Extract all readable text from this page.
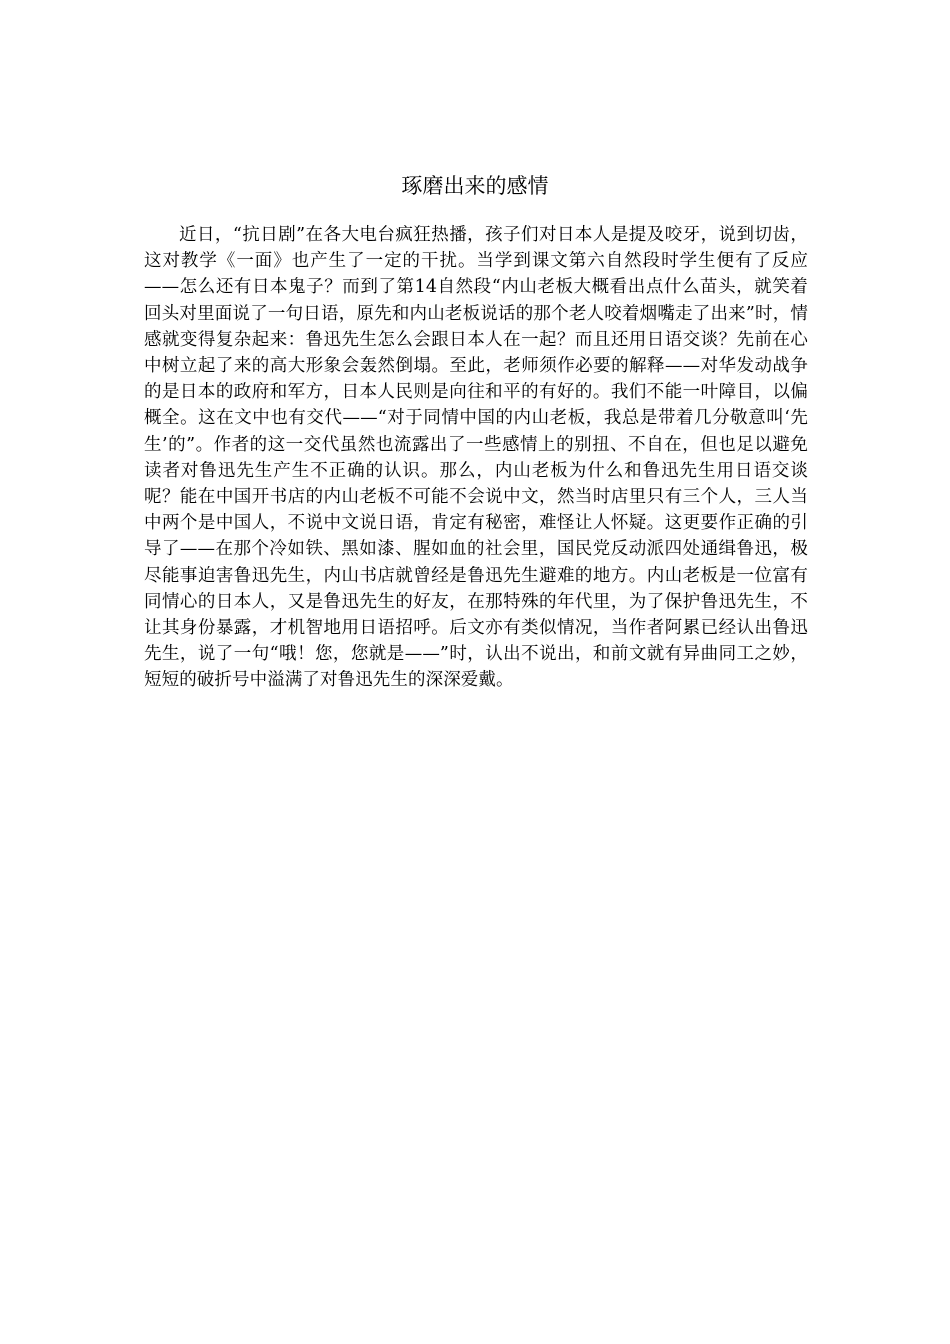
琢磨出来的感情

近日，“抗日剧”在各大电台疯狂热播，孩子们对日本人是提及咬牙，说到切齿，这对教学《一面》也产生了一定的干扰。当学到课文第六自然段时学生便有了反应——怎么还有日本鬼子？而到了第14自然段“内山老板大概看出点什么苗头，就笑着回头对里面说了一句日语，原先和内山老板说话的那个老人咬着烟嘴走了出来”时，情感就变得复杂起来：鲁迅先生怎么会跟日本人在一起？而且还用日语交谈？先前在心中树立起了来的高大形象会轰然倒塌。至此，老师须作必要的解释——对华发动战争的是日本的政府和军方，日本人民则是向往和平的有好的。我们不能一叶障目，以偏概全。这在文中也有交代——“对于同情中国的内山老板，我总是带着几分敬意叫‘先生’的”。作者的这一交代虽然也流露出了一些感情上的别扭、不自在，但也足以避免读者对鲁迅先生产生不正确的认识。那么，内山老板为什么和鲁迅先生用日语交谈呢？能在中国开书店的内山老板不可能不会说中文，然当时店里只有三个人，三人当中两个是中国人，不说中文说日语，肯定有秘密，难怪让人怀疑。这更要作正确的引导了——在那个冷如铁、黑如漆、腥如血的社会里，国民党反动派四处通缉鲁迅，极尽能事迫害鲁迅先生，内山书店就曾经是鲁迅先生避难的地方。内山老板是一位富有同情心的日本人，又是鲁迅先生的好友，在那特殊的年代里，为了保护鲁迅先生，不让其身份暴露，才机智地用日语招呼。后文亦有类似情况，当作者阿累已经认出鲁迅先生，说了一句“哦！您，您就是——”时，认出不说出，和前文就有异曲同工之妙，短短的破折号中溢满了对鲁迅先生的深深爱戴。
